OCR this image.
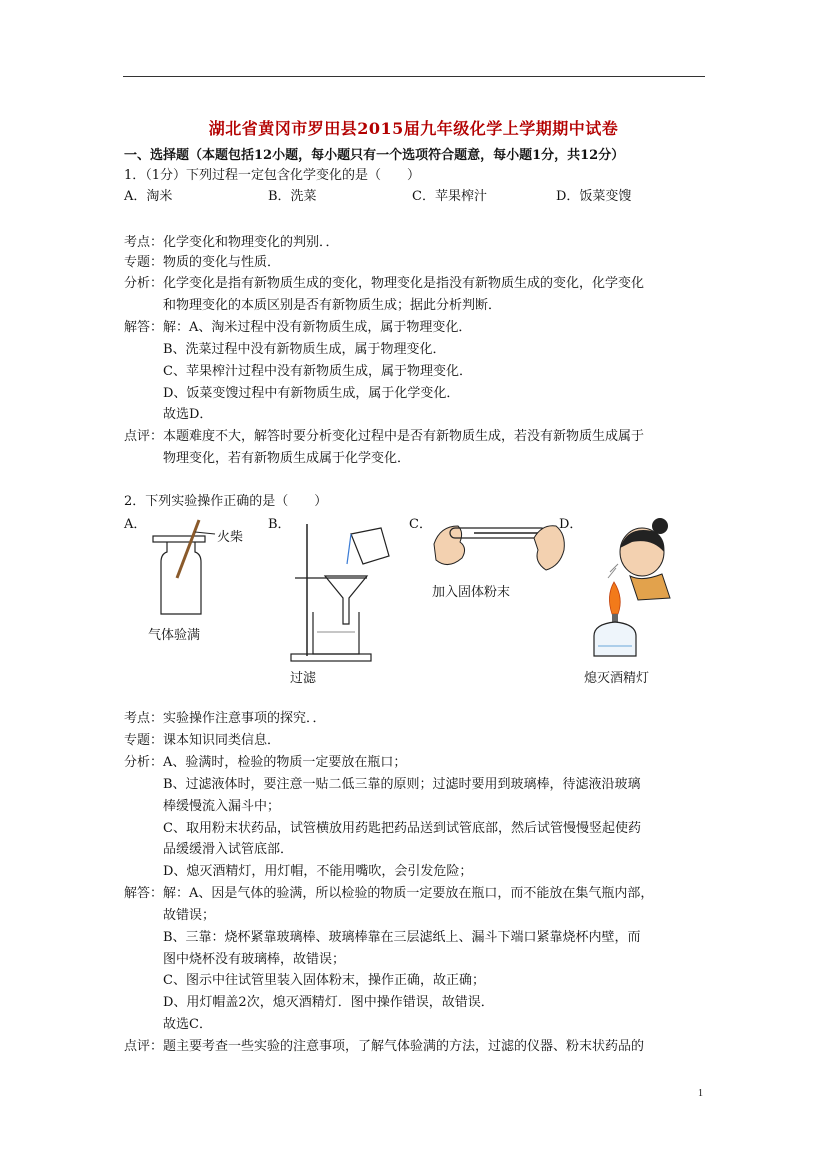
湖北省黄冈市罗田县2015届九年级化学上学期期中试卷
一、选择题（本题包括12小题，每小题只有一个选项符合题意，每小题1分，共12分）
1．（1分）下列过程一定包含化学变化的是（　　）
A．淘米	B．洗菜	C．苹果榨汁	D．饭菜变馊
考点： 化学变化和物理变化的判别．．
专题： 物质的变化与性质．
分析： 化学变化是指有新物质生成的变化，物理变化是指没有新物质生成的变化，化学变化
和物理变化的本质区别是否有新物质生成；据此分析判断．
解答： 解：A、淘米过程中没有新物质生成，属于物理变化．
B、洗菜过程中没有新物质生成，属于物理变化．
C、苹果榨汁过程中没有新物质生成，属于物理变化．
D、饭菜变馊过程中有新物质生成，属于化学变化．
故选D．
点评： 本题难度不大，解答时要分析变化过程中是否有新物质生成，若没有新物质生成属于
物理变化，若有新物质生成属于化学变化．
2．下列实验操作正确的是（　　）
A．
火柴
气体验满
B．
过滤
C．
加入固体粉末
D．
熄灭酒精灯
考点： 实验操作注意事项的探究．．
专题： 课本知识同类信息．
分析： A、验满时，检验的物质一定要放在瓶口；
B、过滤液体时，要注意一贴二低三靠的原则；过滤时要用到玻璃棒，待滤液沿玻璃
棒缓慢流入漏斗中；
C、取用粉末状药品，试管横放用药匙把药品送到试管底部，然后试管慢慢竖起使药
品缓缓滑入试管底部．
D、熄灭酒精灯，用灯帽，不能用嘴吹，会引发危险；
解答： 解：A、因是气体的验满，所以检验的物质一定要放在瓶口，而不能放在集气瓶内部，
故错误；
B、三靠：烧杯紧靠玻璃棒、玻璃棒靠在三层滤纸上、漏斗下端口紧靠烧杯内壁，而
图中烧杯没有玻璃棒，故错误；
C、图示中往试管里装入固体粉末，操作正确，故正确；
D、用灯帽盖2次，熄灭酒精灯．图中操作错误，故错误．
故选C．
点评： 题主要考查一些实验的注意事项，了解气体验满的方法，过滤的仪器、粉末状药品的
1
